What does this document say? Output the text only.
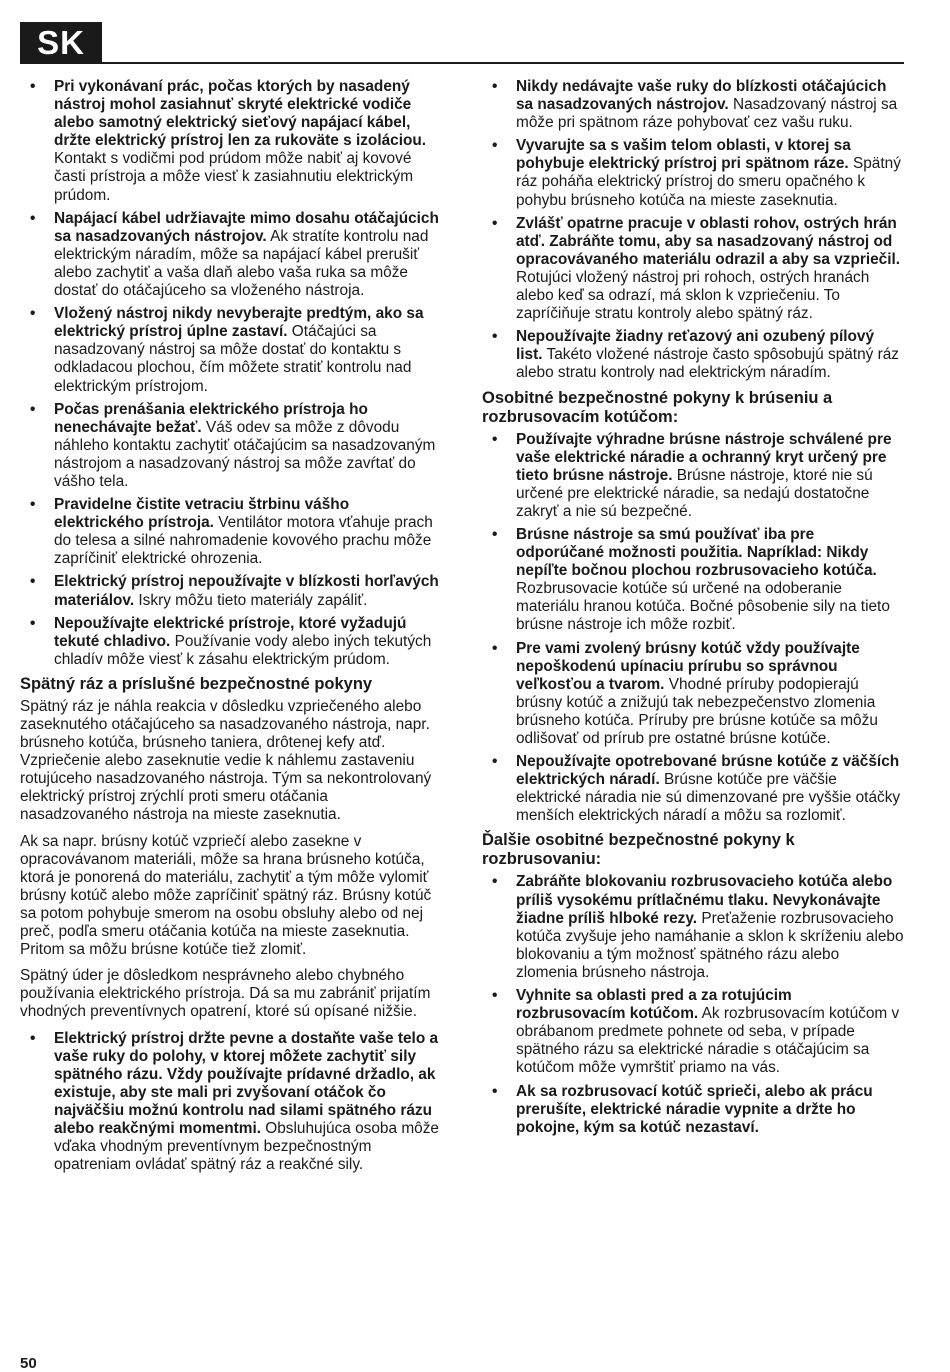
SK
• Pri vykonávaní prác, počas ktorých by nasadený nástroj mohol zasiahnuť skryté elektrické vodiče alebo samotný elektrický sieťový napájací kábel, držte elektrický prístroj len za rukoväte s izoláciou. Kontakt s vodičmi pod prúdom môže nabiť aj kovové časti prístroja a môže viesť k zasiahnutiu elektrickým prúdom.
• Napájací kábel udržiavajte mimo dosahu otáčajúcich sa nasadzovaných nástrojov. Ak stratíte kontrolu nad elektrickým náradím, môže sa napájací kábel prerušiť alebo zachytiť a vaša dlaň alebo vaša ruka sa môže dostať do otáčajúceho sa vloženého nástroja.
• Vložený nástroj nikdy nevyberajte predtým, ako sa elektrický prístroj úplne zastaví. Otáčajúci sa nasadzovaný nástroj sa môže dostať do kontaktu s odkladacou plochou, čím môžete stratiť kontrolu nad elektrickým prístrojom.
• Počas prenášania elektrického prístroja ho nenechávajte bežať. Váš odev sa môže z dôvodu náhleho kontaktu zachytiť otáčajúcim sa nasadzovaným nástrojom a nasadzovaný nástroj sa môže zavŕtať do vášho tela.
• Pravidelne čistite vetraciu štrbinu vášho elektrického prístroja. Ventilátor motora vťahuje prach do telesa a silné nahromadenie kovového prachu môže zapríčiniť elektrické ohrozenia.
• Elektrický prístroj nepoužívajte v blízkosti horľavých materiálov. Iskry môžu tieto materiály zapáliť.
• Nepoužívajte elektrické prístroje, ktoré vyžadujú tekuté chladivo. Používanie vody alebo iných tekutých chladív môže viesť k zásahu elektrickým prúdom.
Spätný ráz a príslušné bezpečnostné pokyny

Spätný ráz je náhla reakcia v dôsledku vzpriečeného alebo zaseknutého otáčajúceho sa nasadzovaného nástroja, napr. brúsneho kotúča, brúsneho taniera, drôtenej kefy atď. Vzpriečenie alebo zaseknutie vedie k náhlemu zastaveniu rotujúceho nasadzovaného nástroja. Tým sa nekontrolovaný elektrický prístroj zrýchlí proti smeru otáčania nasadzovaného nástroja na mieste zaseknutia.

Ak sa napr. brúsny kotúč vzpriečí alebo zasekne v opracovávanom materiáli, môže sa hrana brúsneho kotúča, ktorá je ponorená do materiálu, zachytiť a tým môže vylomiť brúsny kotúč alebo môže zapríčiniť spätný ráz. Brúsny kotúč sa potom pohybuje smerom na osobu obsluhy alebo od nej preč, podľa smeru otáčania kotúča na mieste zaseknutia. Pritom sa môžu brúsne kotúče tiež zlomiť.

Spätný úder je dôsledkom nesprávneho alebo chybného používania elektrického prístroja. Dá sa mu zabrániť prijatím vhodných preventívnych opatrení, ktoré sú opísané nižšie.

• Elektrický prístroj držte pevne a dostaňte vaše telo a vaše ruky do polohy, v ktorej môžete zachytiť sily spätného rázu. Vždy používajte prídavné držadlo, ak existuje, aby ste mali pri zvyšovaní otáčok čo najväčšiu možnú kontrolu nad silami spätného rázu alebo reakčnými momentmi. Obsluhujúca osoba môže vďaka vhodným preventívnym bezpečnostným opatreniam ovládať spätný ráz a reakčné sily.
• Nikdy nedávajte vaše ruky do blízkosti otáčajúcich sa nasadzovaných nástrojov. Nasadzovaný nástroj sa môže pri spätnom ráze pohybovať cez vašu ruku.
• Vyvarujte sa s vašim telom oblasti, v ktorej sa pohybuje elektrický prístroj pri spätnom ráze. Spätný ráz poháňa elektrický prístroj do smeru opačného k pohybu brúsneho kotúča na mieste zaseknutia.
• Zvlášť opatrne pracuje v oblasti rohov, ostrých hrán atď. Zabráňte tomu, aby sa nasadzovaný nástroj od opracovávaného materiálu odrazil a aby sa vzpriečil. Rotujúci vložený nástroj pri rohoch, ostrých hranách alebo keď sa odrazí, má sklon k vzpriečeniu. To zapríčiňuje stratu kontroly alebo spätný ráz.
• Nepoužívajte žiadny reťazový ani ozubený pílový list. Takéto vložené nástroje často spôsobujú spätný ráz alebo stratu kontroly nad elektrickým náradím.
Osobitné bezpečnostné pokyny k brúseniu a rozbrusovacím kotúčom:
• Používajte výhradne brúsne nástroje schválené pre vaše elektrické náradie a ochranný kryt určený pre tieto brúsne nástroje. Brúsne nástroje, ktoré nie sú určené pre elektrické náradie, sa nedajú dostatočne zakryť a nie sú bezpečné.
• Brúsne nástroje sa smú používať iba pre odporúčané možnosti použitia. Napríklad: Nikdy nepíľte bočnou plochou rozbrusovacieho kotúča. Rozbrusovacie kotúče sú určené na odoberanie materiálu hranou kotúča. Bočné pôsobenie sily na tieto brúsne nástroje ich môže rozbiť.
• Pre vami zvolený brúsny kotúč vždy používajte nepoškodenú upínaciu prírubu so správnou veľkosťou a tvarom. Vhodné príruby podopierajú brúsny kotúč a znižujú tak nebezpečenstvo zlomenia brúsneho kotúča. Príruby pre brúsne kotúče sa môžu odlišovať od prírub pre ostatné brúsne kotúče.
• Nepoužívajte opotrebované brúsne kotúče z väčších elektrických náradí. Brúsne kotúče pre väčšie elektrické náradia nie sú dimenzované pre vyššie otáčky menších elektrických náradí a môžu sa rozlomiť.
Ďalšie osobitné bezpečnostné pokyny k rozbrusovaniu:
• Zabráňte blokovaniu rozbrusovacieho kotúča alebo príliš vysokému prítlačnému tlaku. Nevykonávajte žiadne príliš hlboké rezy. Preťaženie rozbrusovacieho kotúča zvyšuje jeho namáhanie a sklon k skríženiu alebo blokovaniu a tým možnosť spätného rázu alebo zlomenia brúsneho nástroja.
• Vyhnite sa oblasti pred a za rotujúcim rozbrusovacím kotúčom. Ak rozbrusovacím kotúčom v obrábanom predmete pohnete od seba, v prípade spätného rázu sa elektrické náradie s otáčajúcim sa kotúčom môže vymrštiť priamo na vás.
• Ak sa rozbrusovací kotúč sprieči, alebo ak prácu prerušíte, elektrické náradie vypnite a držte ho pokojne, kým sa kotúč nezastaví.
50
